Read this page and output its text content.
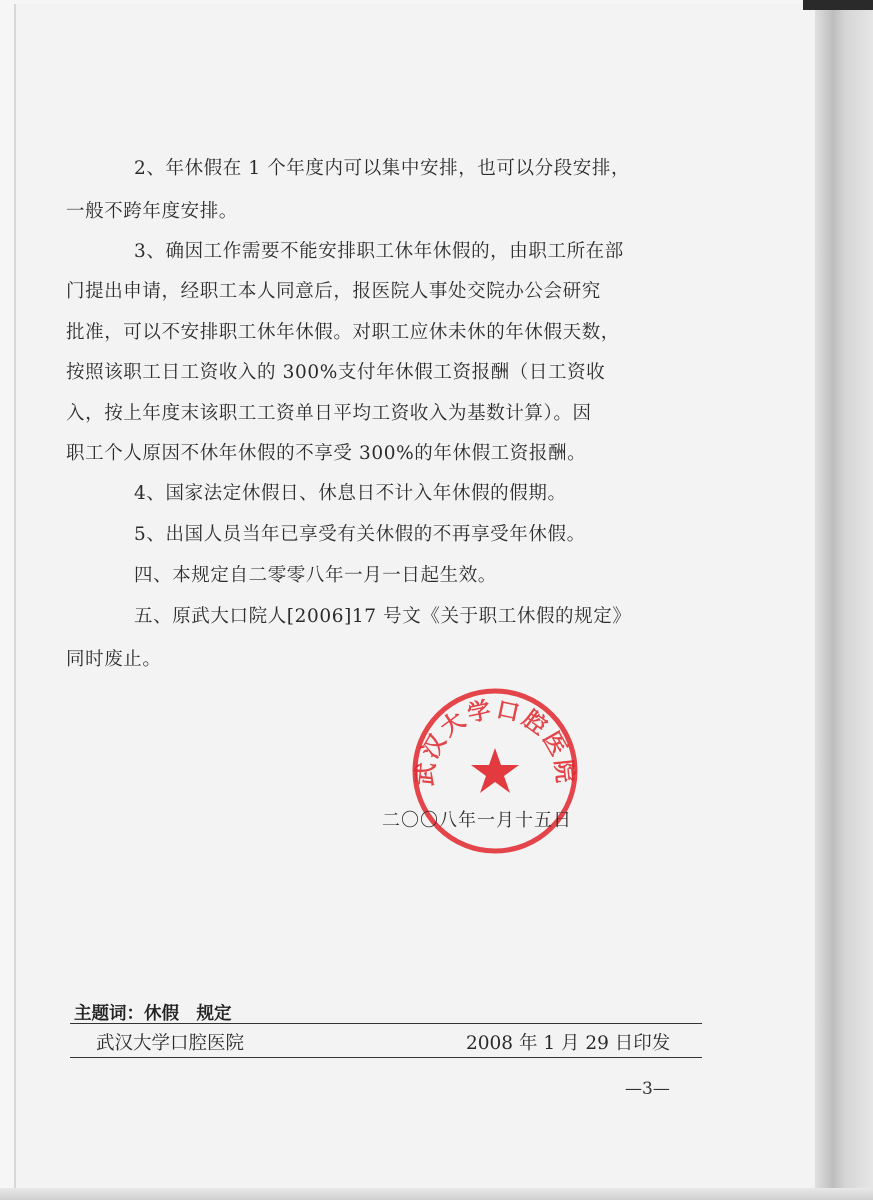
2、年休假在 1 个年度内可以集中安排，也可以分段安排，
一般不跨年度安排。
3、确因工作需要不能安排职工休年休假的，由职工所在部
门提出申请，经职工本人同意后，报医院人事处交院办公会研究
批准，可以不安排职工休年休假。对职工应休未休的年休假天数，
按照该职工日工资收入的 300%支付年休假工资报酬（日工资收
入，按上年度末该职工工资单日平均工资收入为基数计算）。因
职工个人原因不休年休假的不享受 300%的年休假工资报酬。
4、国家法定休假日、休息日不计入年休假的假期。
5、出国人员当年已享受有关休假的不再享受年休假。
四、本规定自二零零八年一月一日起生效。
五、原武大口院人[2006]17 号文《关于职工休假的规定》
同时废止。
武汉大学口腔医院
二〇〇八年一月十五日
主题词：休假　规定
武汉大学口腔医院	2008 年 1 月 29 日印发
—3—
